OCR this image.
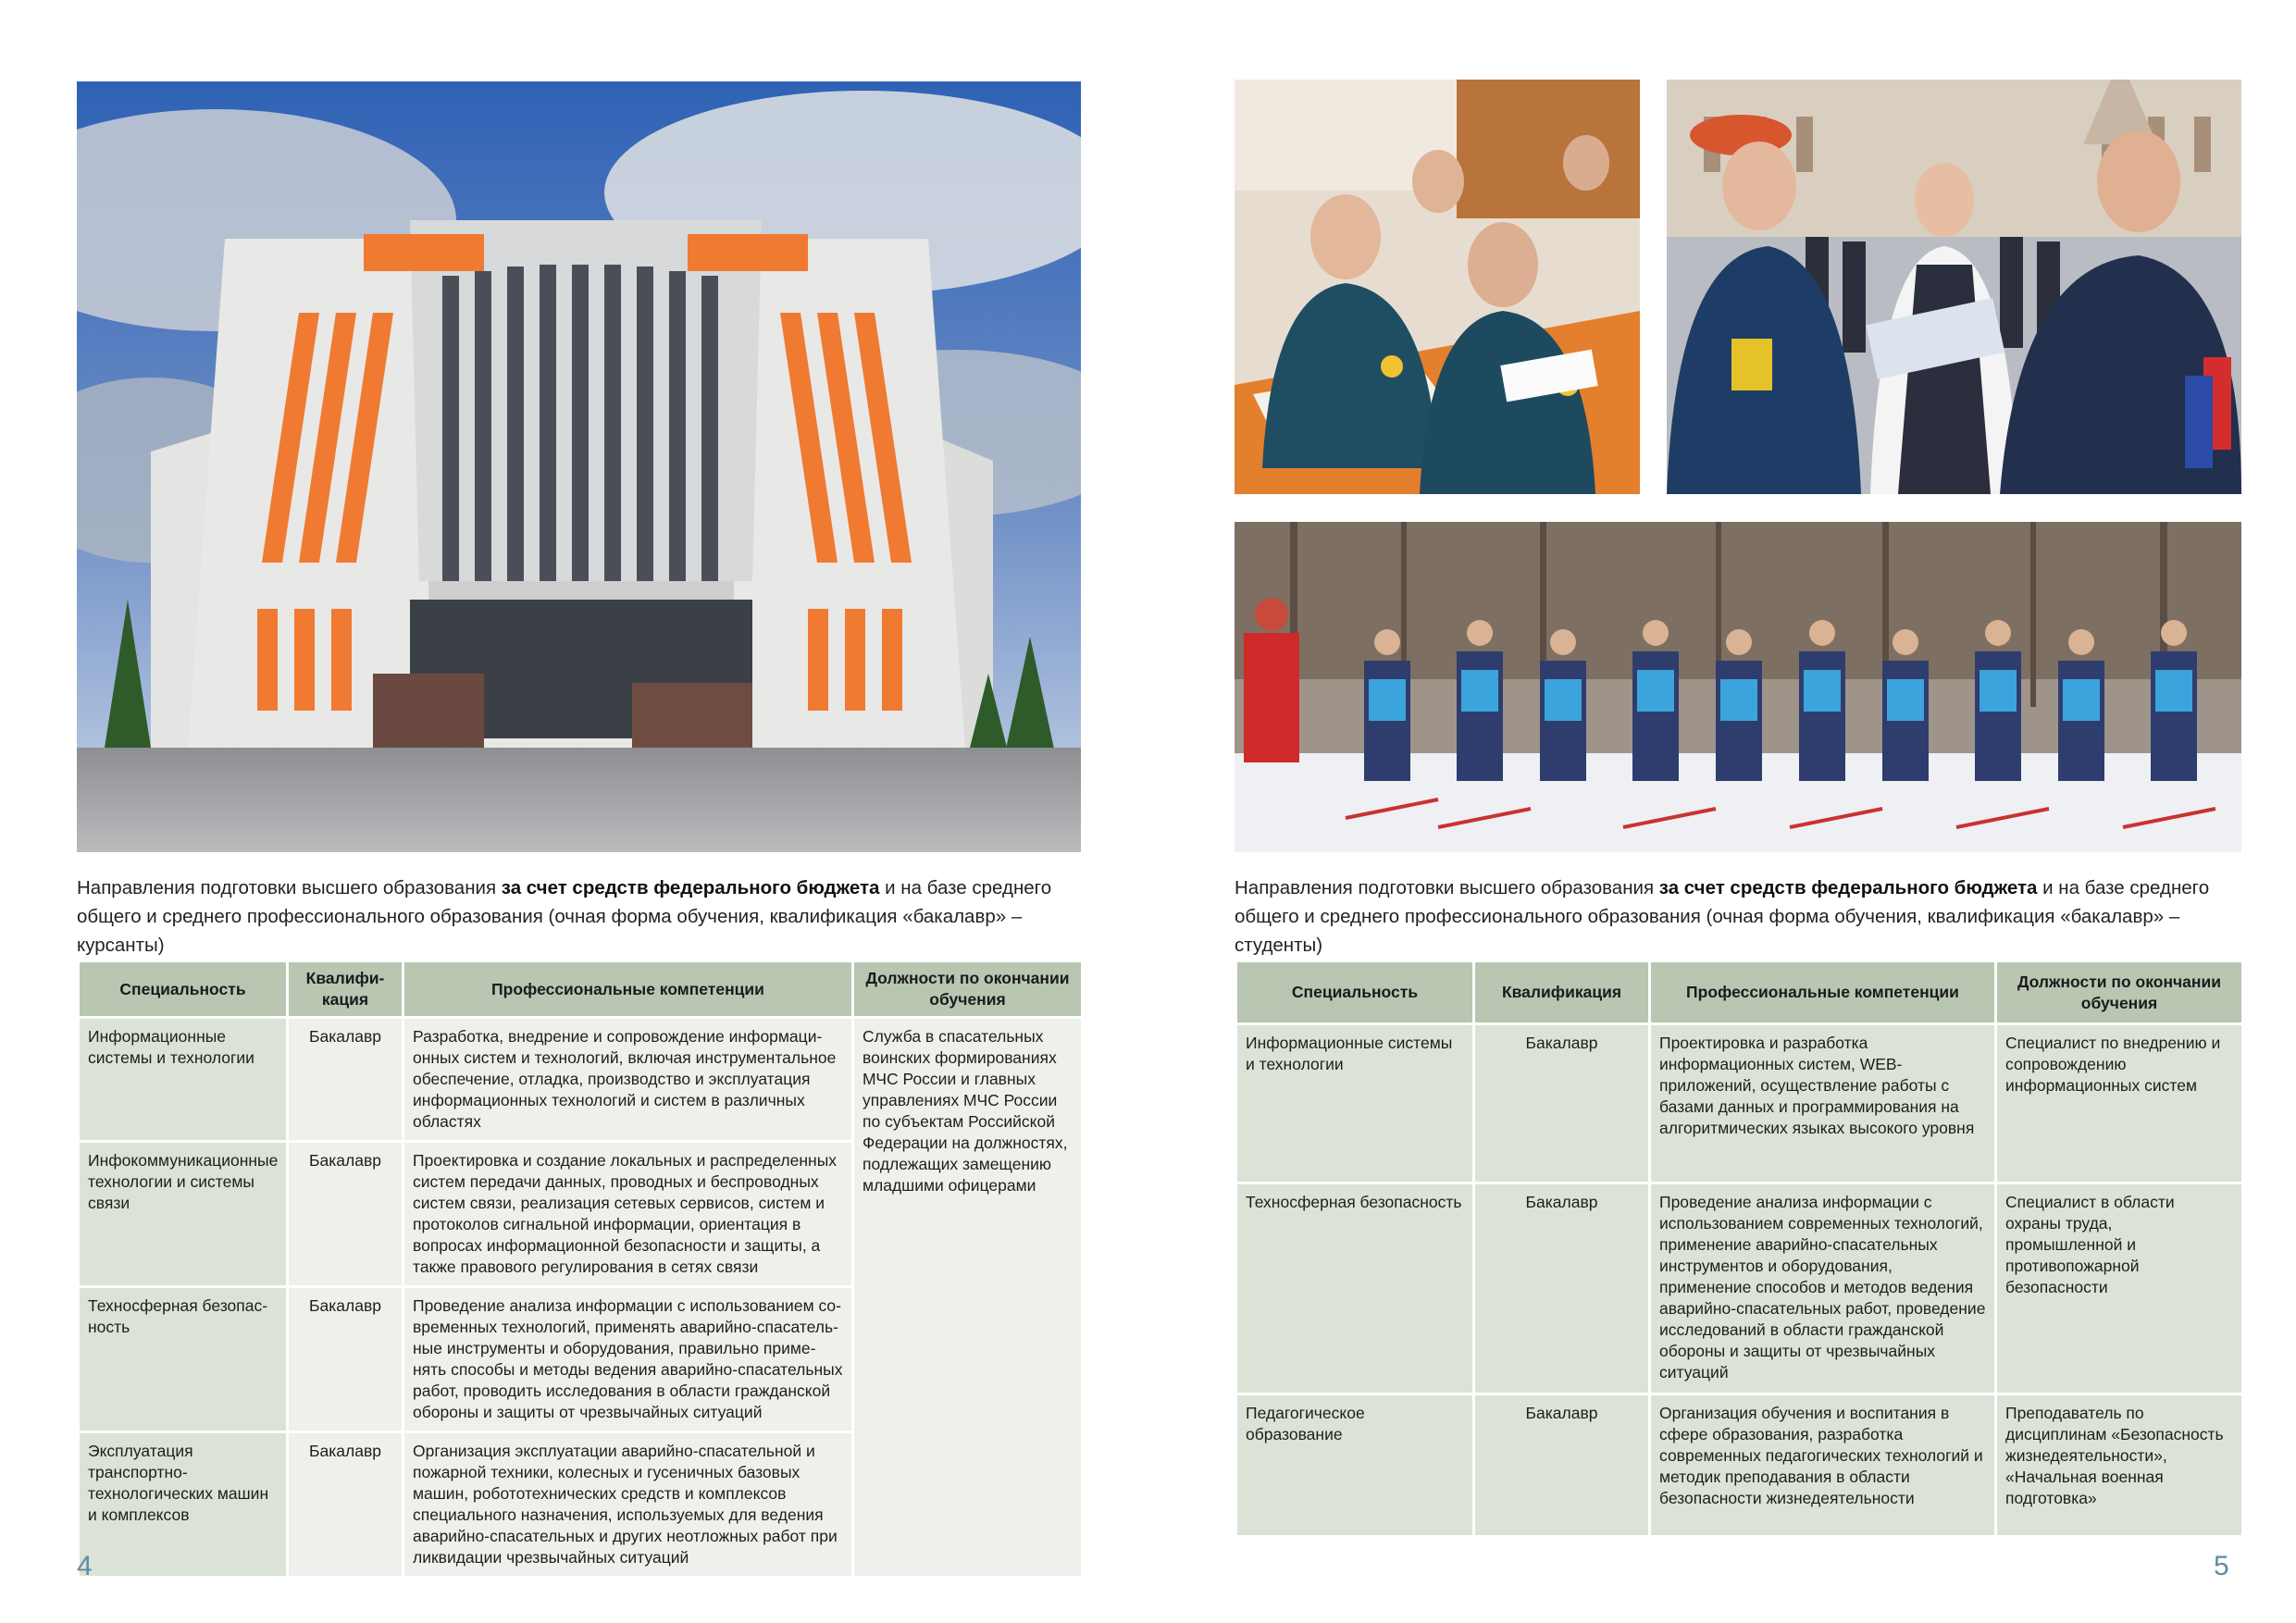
Направления подготовки высшего образования за счет средств федерального бюджета и на базе среднего общего и среднего профессионального образования (очная форма обучения, квалификация «бакалавр» – курсанты)
Специальность	Квалифи-кация	Профессиональные компетенции	Должности по окончании обучения
Информационные системы и технологии	Бакалавр	Разработка, внедрение и сопровождение информаци-онных систем и технологий, включая инструментальное обеспечение, отладка, производство и эксплуатация информационных технологий и систем в различных областях	Служба в спасательных воинских формированиях МЧС России и главных управлениях МЧС России по субъектам Российской Федерации на должностях, подлежащих замещению младшими офицерами
Инфокоммуникационные технологии и системы связи	Бакалавр	Проектировка и создание локальных и распределенных систем передачи данных, проводных и беспроводных систем связи, реализация сетевых сервисов, систем и протоколов сигнальной информации, ориентация в вопросах информационной безопасности и защиты, а также правового регулирования в сетях связи	
Техносферная безопас-ность	Бакалавр	Проведение анализа информации с использованием со-временных технологий, применять аварийно-спасатель-ные инструменты и оборудования, правильно приме-нять способы и методы ведения аварийно-спасательных работ, проводить исследования в области гражданской обороны и защиты от чрезвычайных ситуаций	
Эксплуатация транспортно-технологических машин и комплексов	Бакалавр	Организация эксплуатации аварийно-спасательной и пожарной техники, колесных и гусеничных базовых машин, робототехнических средств и комплексов специального назначения, используемых для ведения аварийно-спасательных и других неотложных работ при ликвидации чрезвычайных ситуаций	
4
Направления подготовки высшего образования за счет средств федерального бюджета и на базе среднего общего и среднего профессионального образования (очная форма обучения, квалификация «бакалавр» – студенты)
Специальность	Квалификация	Профессиональные компетенции	Должности по окончании обучения
Информационные системы и технологии	Бакалавр	Проектировка и разработка информационных систем, WEB-приложений, осуществление работы с базами данных и программирования на алгоритмических языках высокого уровня	Специалист по внедрению и сопровождению информационных систем
Техносферная безопасность	Бакалавр	Проведение анализа информации с использованием современных технологий, применение аварийно-спасательных инструментов и оборудования, применение способов и методов ведения аварийно-спасательных работ, проведение исследований в области гражданской обороны и защиты от чрезвычайных ситуаций	Специалист в области охраны труда, промышленной и противопожарной безопасности
Педагогическое образование	Бакалавр	Организация обучения и воспитания в сфере образования, разработка современных педагогических технологий и методик преподавания в области безопасности жизнедеятельности	Преподаватель по дисциплинам «Безопасность жизнедеятельности», «Начальная военная подготовка»
5
